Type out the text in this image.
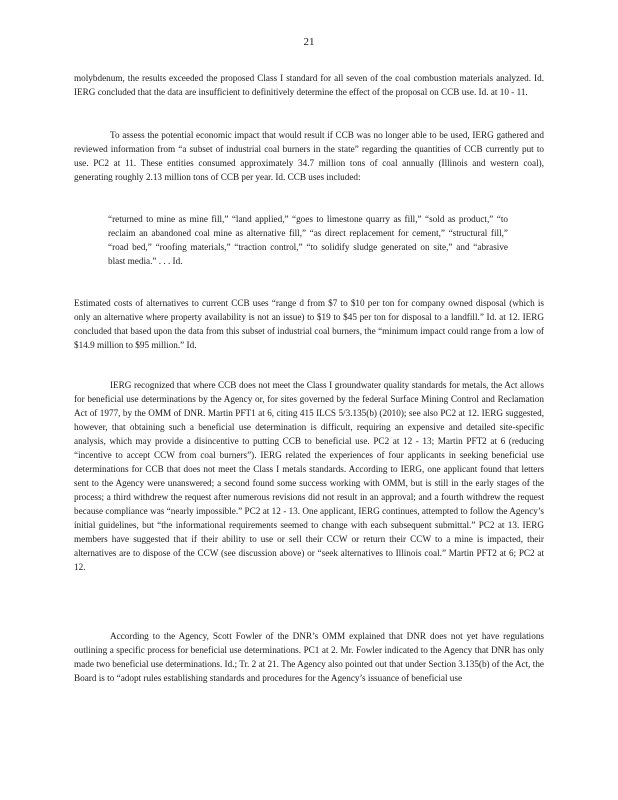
21

molybdenum, the results exceeded the proposed Class I standard for all seven of the coal combustion materials analyzed. Id. IERG concluded that the data are insufficient to definitively determine the effect of the proposal on CCB use. Id. at 10 - 11.

To assess the potential economic impact that would result if CCB was no longer able to be used, IERG gathered and reviewed information from “a subset of industrial coal burners in the state” regarding the quantities of CCB currently put to use. PC2 at 11. These entities consumed approximately 34.7 million tons of coal annually (Illinois and western coal), generating roughly 2.13 million tons of CCB per year. Id. CCB uses included:

“returned to mine as mine fill,” “land applied,” “goes to limestone quarry as fill,” “sold as product,” “to reclaim an abandoned coal mine as alternative fill,” “as direct replacement for cement,” “structural fill,” “road bed,” “roofing materials,” “traction control,” “to solidify sludge generated on site,” and “abrasive blast media.” . . . Id.

Estimated costs of alternatives to current CCB uses “range d from $7 to $10 per ton for company owned disposal (which is only an alternative where property availability is not an issue) to $19 to $45 per ton for disposal to a landfill.” Id. at 12. IERG concluded that based upon the data from this subset of industrial coal burners, the “minimum impact could range from a low of $14.9 million to $95 million.” Id.

IERG recognized that where CCB does not meet the Class I groundwater quality standards for metals, the Act allows for beneficial use determinations by the Agency or, for sites governed by the federal Surface Mining Control and Reclamation Act of 1977, by the OMM of DNR. Martin PFT1 at 6, citing 415 ILCS 5/3.135(b) (2010); see also PC2 at 12. IERG suggested, however, that obtaining such a beneficial use determination is difficult, requiring an expensive and detailed site-specific analysis, which may provide a disincentive to putting CCB to beneficial use. PC2 at 12 - 13; Martin PFT2 at 6 (reducing “incentive to accept CCW from coal burners”). IERG related the experiences of four applicants in seeking beneficial use determinations for CCB that does not meet the Class I metals standards. According to IERG, one applicant found that letters sent to the Agency were unanswered; a second found some success working with OMM, but is still in the early stages of the process; a third withdrew the request after numerous revisions did not result in an approval; and a fourth withdrew the request because compliance was “nearly impossible.” PC2 at 12 - 13. One applicant, IERG continues, attempted to follow the Agency’s initial guidelines, but “the informational requirements seemed to change with each subsequent submittal.” PC2 at 13. IERG members have suggested that if their ability to use or sell their CCW or return their CCW to a mine is impacted, their alternatives are to dispose of the CCW (see discussion above) or “seek alternatives to Illinois coal.” Martin PFT2 at 6; PC2 at 12.

According to the Agency, Scott Fowler of the DNR’s OMM explained that DNR does not yet have regulations outlining a specific process for beneficial use determinations. PC1 at 2. Mr. Fowler indicated to the Agency that DNR has only made two beneficial use determinations. Id.; Tr. 2 at 21. The Agency also pointed out that under Section 3.135(b) of the Act, the Board is to “adopt rules establishing standards and procedures for the Agency’s issuance of beneficial use
